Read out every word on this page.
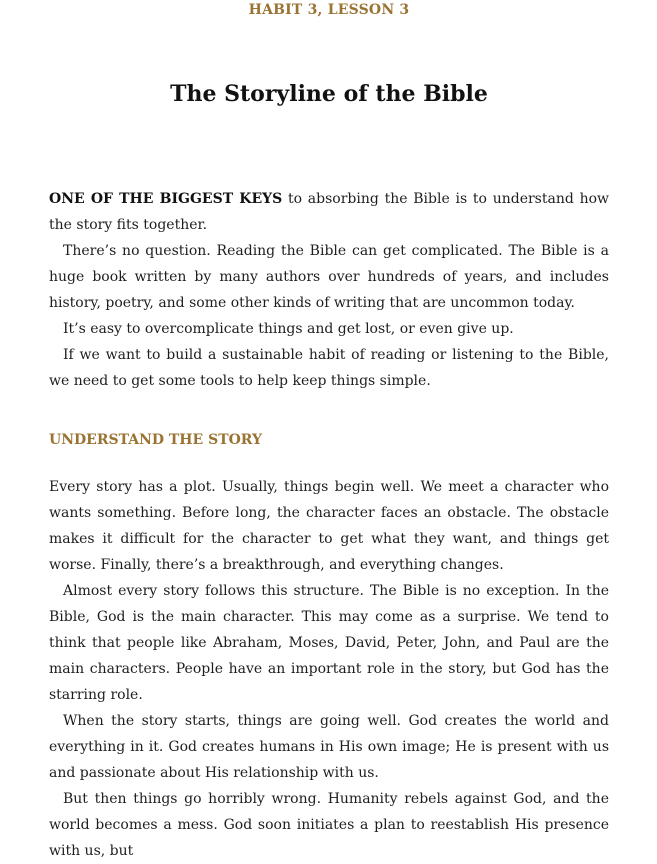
HABIT 3, LESSON 3
The Storyline of the Bible

ONE OF THE BIGGEST KEYS to absorbing the Bible is to understand how the story fits together.

There’s no question. Reading the Bible can get complicated. The Bible is a huge book written by many authors over hundreds of years, and includes history, poetry, and some other kinds of writing that are uncommon today.

It’s easy to overcomplicate things and get lost, or even give up.

If we want to build a sustainable habit of reading or listening to the Bible, we need to get some tools to help keep things simple.

UNDERSTAND THE STORY

Every story has a plot. Usually, things begin well. We meet a character who wants something. Before long, the character faces an obstacle. The obstacle makes it difficult for the character to get what they want, and things get worse. Finally, there’s a breakthrough, and everything changes.

Almost every story follows this structure. The Bible is no exception. In the Bible, God is the main character. This may come as a surprise. We tend to think that people like Abraham, Moses, David, Peter, John, and Paul are the main characters. People have an important role in the story, but God has the starring role.

When the story starts, things are going well. God creates the world and everything in it. God creates humans in His own image; He is present with us and passionate about His relationship with us.

But then things go horribly wrong. Humanity rebels against God, and the world becomes a mess. God soon initiates a plan to reestablish His presence with us, but
